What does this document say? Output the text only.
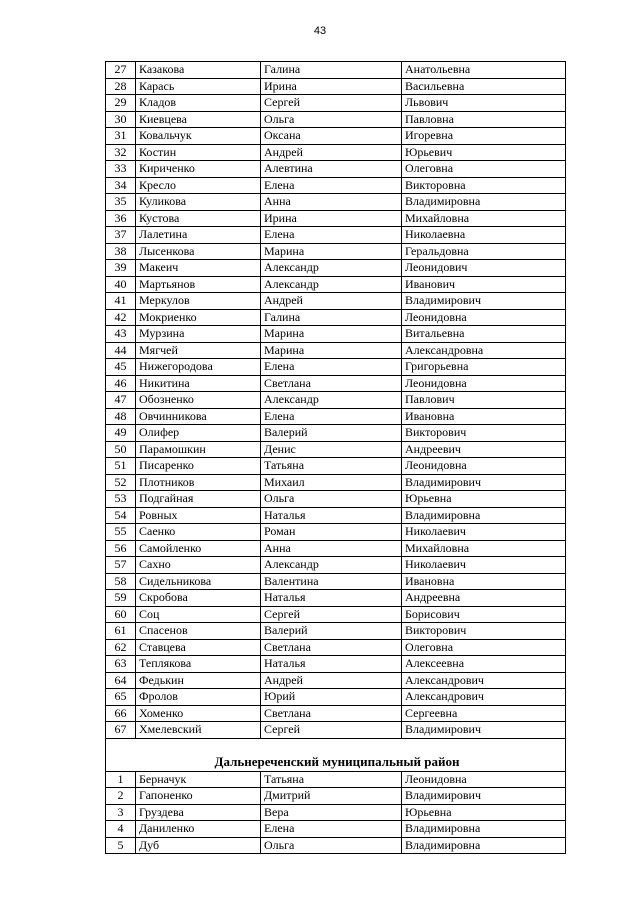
43
27	Казакова	Галина	Анатольевна
28	Карась	Ирина	Васильевна
29	Кладов	Сергей	Львович
30	Киевцева	Ольга	Павловна
31	Ковальчук	Оксана	Игоревна
32	Костин	Андрей	Юрьевич
33	Кириченко	Алевтина	Олеговна
34	Кресло	Елена	Викторовна
35	Куликова	Анна	Владимировна
36	Кустова	Ирина	Михайловна
37	Лалетина	Елена	Николаевна
38	Лысенкова	Марина	Геральдовна
39	Макеич	Александр	Леонидович
40	Мартьянов	Александр	Иванович
41	Меркулов	Андрей	Владимирович
42	Мокриенко	Галина	Леонидовна
43	Мурзина	Марина	Витальевна
44	Мягчей	Марина	Александровна
45	Нижегородова	Елена	Григорьевна
46	Никитина	Светлана	Леонидовна
47	Обозненко	Александр	Павлович
48	Овчинникова	Елена	Ивановна
49	Олифер	Валерий	Викторович
50	Парамошкин	Денис	Андреевич
51	Писаренко	Татьяна	Леонидовна
52	Плотников	Михаил	Владимирович
53	Подгайная	Ольга	Юрьевна
54	Ровных	Наталья	Владимировна
55	Саенко	Роман	Николаевич
56	Самойленко	Анна	Михайловна
57	Сахно	Александр	Николаевич
58	Сидельникова	Валентина	Ивановна
59	Скробова	Наталья	Андреевна
60	Соц	Сергей	Борисович
61	Спасенов	Валерий	Викторович
62	Ставцева	Светлана	Олеговна
63	Теплякова	Наталья	Алексеевна
64	Федькин	Андрей	Александрович
65	Фролов	Юрий	Александрович
66	Хоменко	Светлана	Сергеевна
67	Хмелевский	Сергей	Владимирович
Дальнереченский муниципальный район			
1	Берначук	Татьяна	Леонидовна
2	Гапоненко	Дмитрий	Владимирович
3	Груздева	Вера	Юрьевна
4	Даниленко	Елена	Владимировна
5	Дуб	Ольга	Владимировна
